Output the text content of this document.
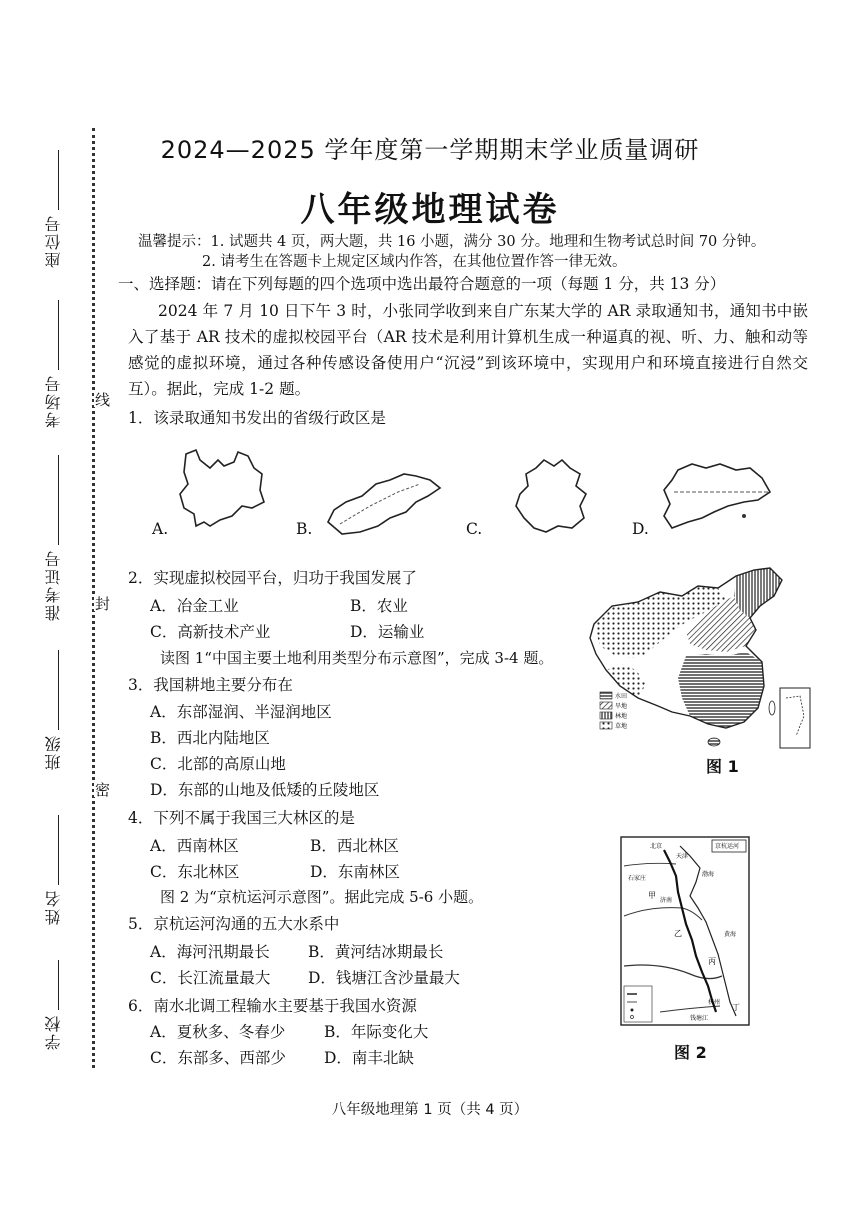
座位号
考场号
准考证号
班级
姓名
学校
线
封
密
2024—2025 学年度第一学期期末学业质量调研
八年级地理试卷
温馨提示：1. 试题共 4 页，两大题，共 16 小题，满分 30 分。地理和生物考试总时间 70 分钟。
2. 请考生在答题卡上规定区域内作答，在其他位置作答一律无效。
一、选择题：请在下列每题的四个选项中选出最符合题意的一项（每题 1 分，共 13 分）
2024 年 7 月 10 日下午 3 时，小张同学收到来自广东某大学的 AR 录取通知书，通知书中嵌入了基于 AR 技术的虚拟校园平台（AR 技术是利用计算机生成一种逼真的视、听、力、触和动等感觉的虚拟环境，通过各种传感设备使用户“沉浸”到该环境中，实现用户和环境直接进行自然交互）。据此，完成 1-2 题。
1．该录取通知书发出的省级行政区是
A.	B.	C.	D.
2．实现虚拟校园平台，归功于我国发展了
A．冶金工业	B．农业
C．高新技术产业	D．运输业
读图 1“中国主要土地利用类型分布示意图”，完成 3-4 题。
3．我国耕地主要分布在
A．东部湿润、半湿润地区
B．西北内陆地区
C．北部的高原山地
D．东部的山地及低矮的丘陵地区
4．下列不属于我国三大林区的是
A．西南林区	B．西北林区
C．东北林区	D．东南林区
图 2 为“京杭运河示意图”。据此完成 5-6 小题。
5．京杭运河沟通的五大水系中
A．海河汛期最长 B．黄河结冰期最长
C．长江流量最大 D．钱塘江含沙量最大
6．南水北调工程输水主要基于我国水资源
A．夏秋多、冬春少	B．年际变化大
C．东部多、西部少 D．南丰北缺
水田
旱地
林地
草地
图 1
京杭运河
北京
天津
石家庄
济南
甲
乙
丙
丁
黄海
渤海
杭州
钱塘江
图 2
八年级地理第 1 页（共 4 页）
